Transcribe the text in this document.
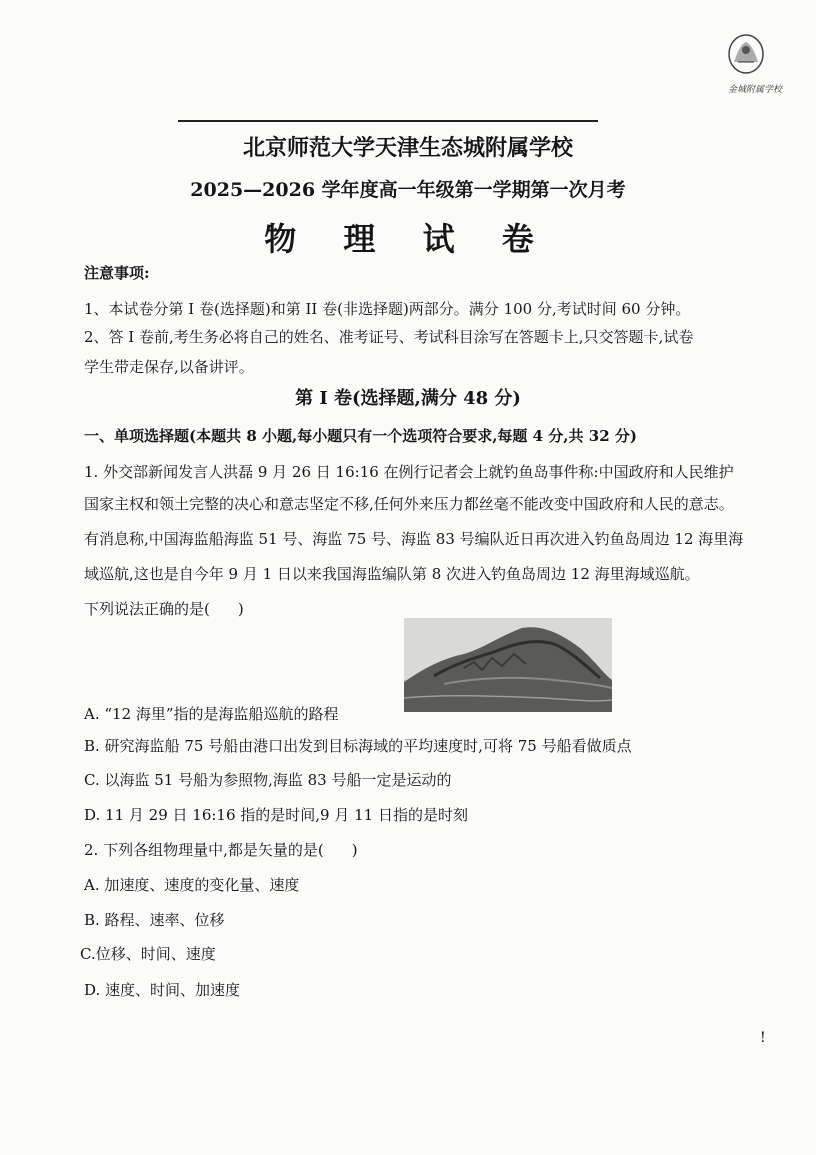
金城附属学校
北京师范大学天津生态城附属学校
2025—2026 学年度高一年级第一学期第一次月考
物 理 试 卷
注意事项:
1、本试卷分第 I 卷(选择题)和第 II 卷(非选择题)两部分。满分 100 分,考试时间 60 分钟。
2、答 I 卷前,考生务必将自己的姓名、准考证号、考试科目涂写在答题卡上,只交答题卡,试卷
学生带走保存,以备讲评。
第 I 卷(选择题,满分 48 分)
一、单项选择题(本题共 8 小题,每小题只有一个选项符合要求,每题 4 分,共 32 分)
1. 外交部新闻发言人洪磊 9 月 26 日 16:16 在例行记者会上就钓鱼岛事件称:中国政府和人民维护
国家主权和领土完整的决心和意志坚定不移,任何外来压力都丝毫不能改变中国政府和人民的意志。
有消息称,中国海监船海监 51 号、海监 75 号、海监 83 号编队近日再次进入钓鱼岛周边 12 海里海
域巡航,这也是自今年 9 月 1 日以来我国海监编队第 8 次进入钓鱼岛周边 12 海里海域巡航。
下列说法正确的是( )
A. “12 海里”指的是海监船巡航的路程
B. 研究海监船 75 号船由港口出发到目标海域的平均速度时,可将 75 号船看做质点
C. 以海监 51 号船为参照物,海监 83 号船一定是运动的
D. 11 月 29 日 16:16 指的是时间,9 月 11 日指的是时刻
2. 下列各组物理量中,都是矢量的是( )
A. 加速度、速度的变化量、速度
B. 路程、速率、位移
C.位移、时间、速度
D. 速度、时间、加速度
!
